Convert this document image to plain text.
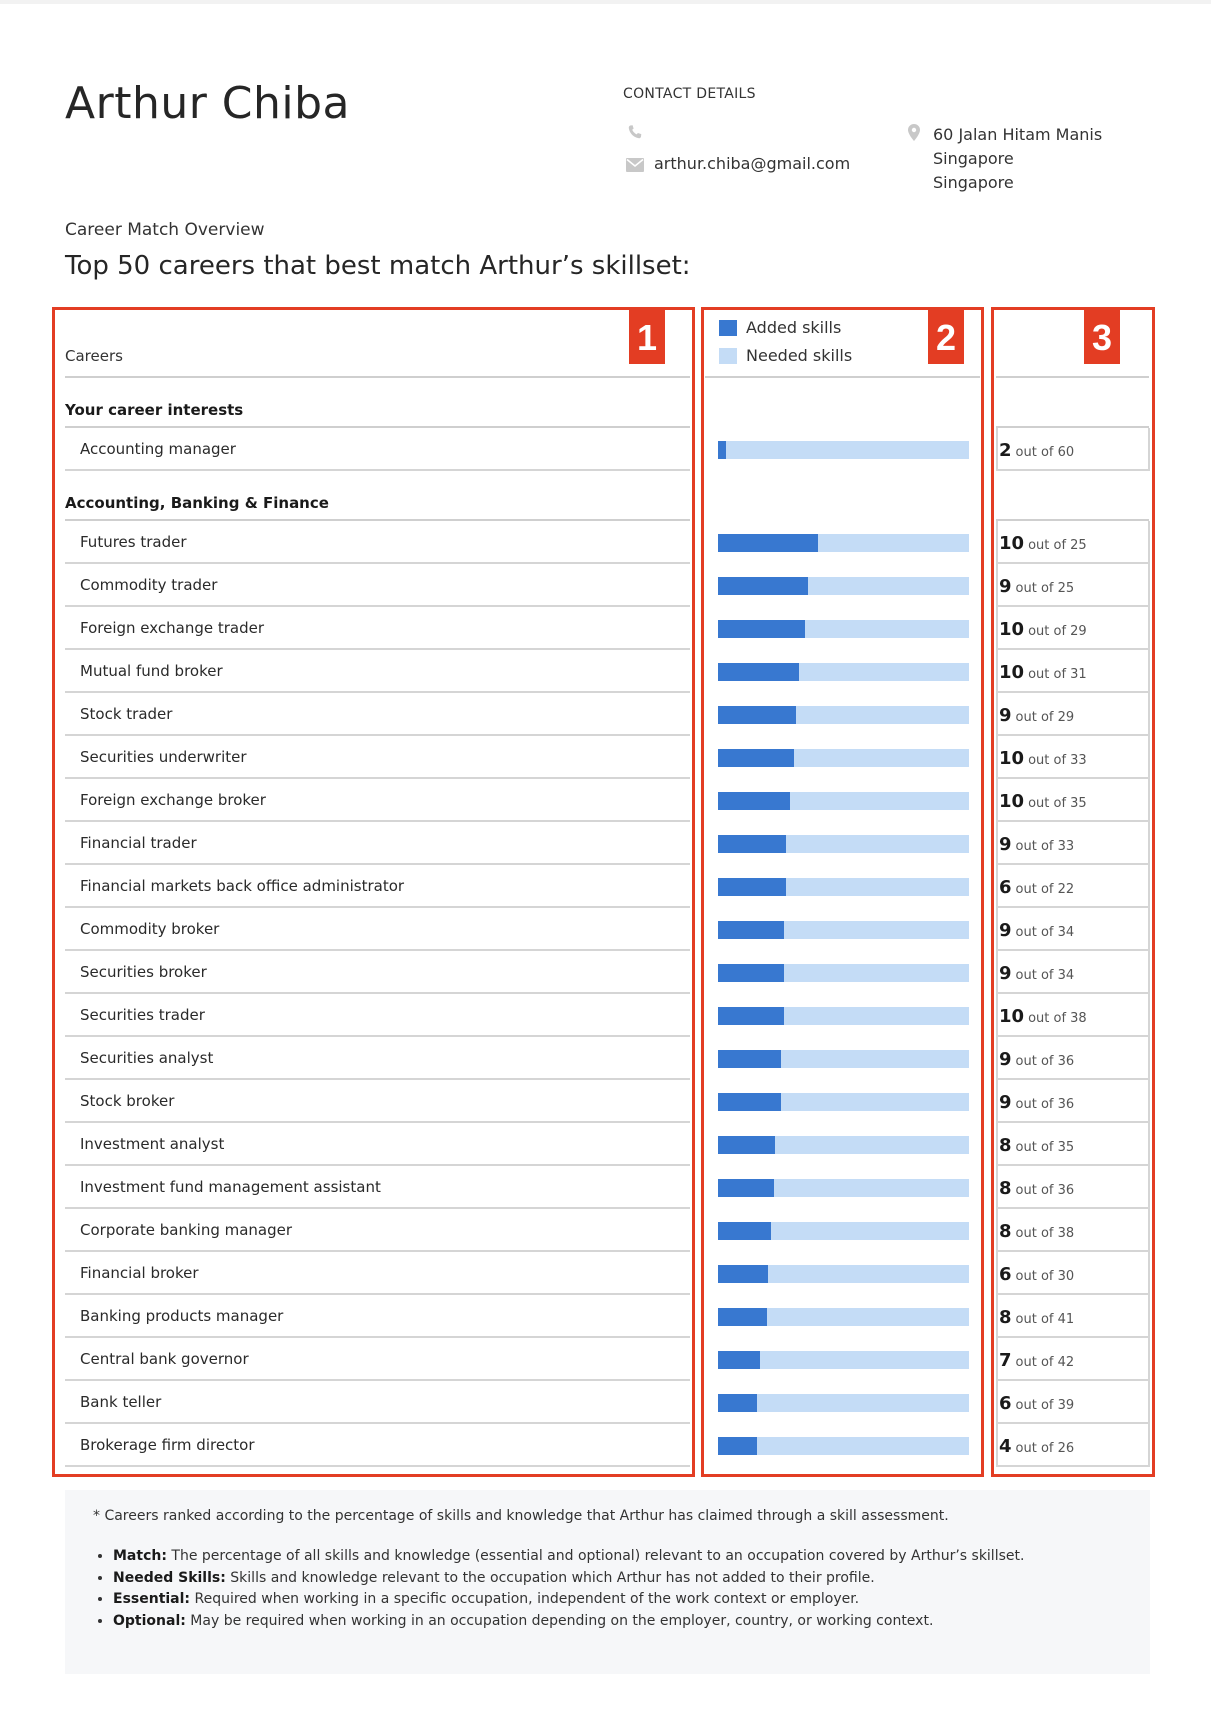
Arthur Chiba	CONTACT DETAILS
arthur.chiba@gmail.com
60 Jalan Hitam Manis
Singapore
Singapore
Career Match Overview
Top 50 careers that best match Arthur’s skillset:
Careers
Added skills
Needed skills
Your career interests
Accounting manager	2 out of 60
Accounting, Banking & Finance
Futures trader	10 out of 25
Commodity trader	9 out of 25
Foreign exchange trader	10 out of 29
Mutual fund broker	10 out of 31
Stock trader	9 out of 29
Securities underwriter	10 out of 33
Foreign exchange broker	10 out of 35
Financial trader	9 out of 33
Financial markets back office administrator	6 out of 22
Commodity broker	9 out of 34
Securities broker	9 out of 34
Securities trader	10 out of 38
Securities analyst	9 out of 36
Stock broker	9 out of 36
Investment analyst	8 out of 35
Investment fund management assistant	8 out of 36
Corporate banking manager	8 out of 38
Financial broker	6 out of 30
Banking products manager	8 out of 41
Central bank governor	7 out of 42
Bank teller	6 out of 39
Brokerage firm director	4 out of 26
1	2	3
* Careers ranked according to the percentage of skills and knowledge that Arthur has claimed through a skill assessment.
• Match: The percentage of all skills and knowledge (essential and optional) relevant to an occupation covered by Arthur’s skillset.
• Needed Skills: Skills and knowledge relevant to the occupation which Arthur has not added to their profile.
• Essential: Required when working in a specific occupation, independent of the work context or employer.
• Optional: May be required when working in an occupation depending on the employer, country, or working context.
